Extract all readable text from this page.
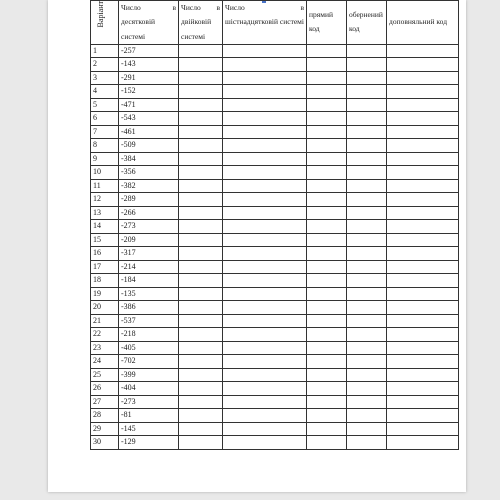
Варіант	Число в десятковій системі	Число в двійковій системі	Число в шістнадцятковій системі	прямий код	обернений код	доповняльний код

1	-257					
2	-143					
3	-291					
4	-152					
5	-471					
6	-543					
7	-461					
8	-509					
9	-384					
10	-356					
11	-382					
12	-289					
13	-266					
14	-273					
15	-209					
16	-317					
17	-214					
18	-184					
19	-135					
20	-386					
21	-537					
22	-218					
23	-405					
24	-702					
25	-399					
26	-404					
27	-273					
28	-81					
29	-145					
30	-129					
